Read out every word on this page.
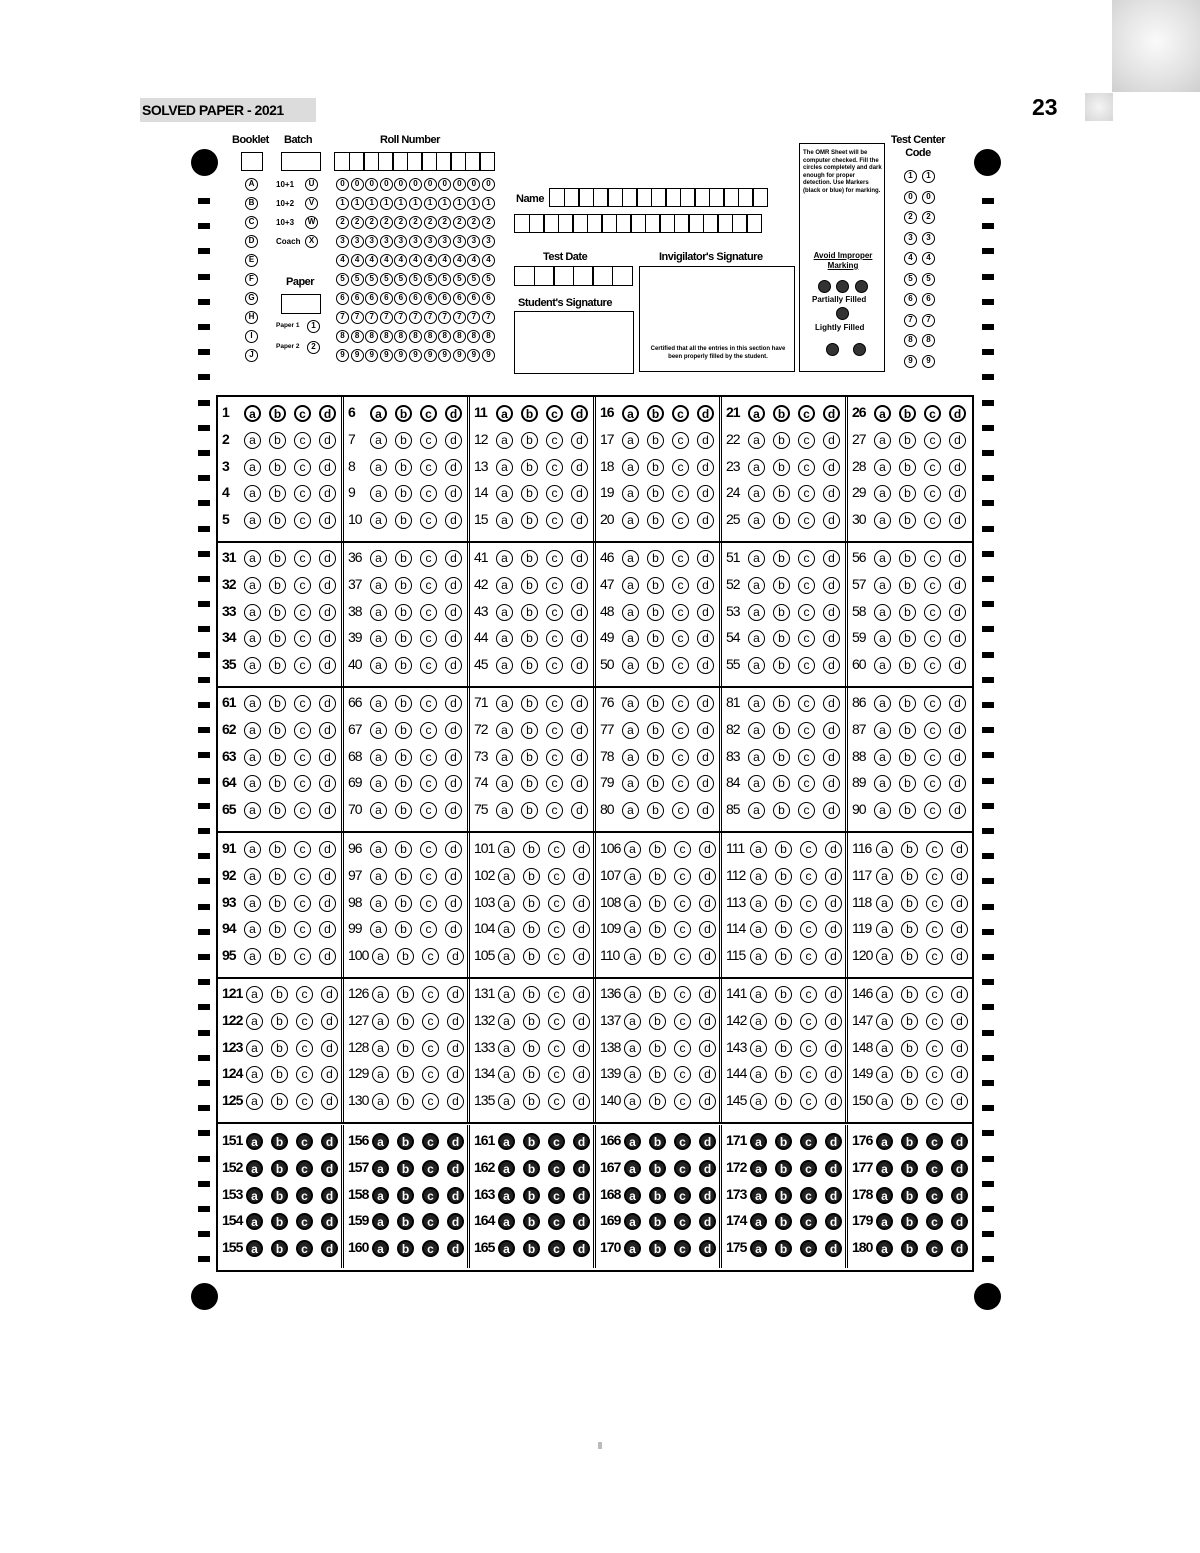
SOLVED PAPER - 2021	23
Booklet
A
B
C
D
E
F
G
H
I
J
Batch
10+1	U
10+2	V
10+3	W
Coach	X
Paper
Paper 1	1
Paper 2	2
Roll Number
0	0	0	0	0	0	0	0	0	0	0
1	1	1	1	1	1	1	1	1	1	1
2	2	2	2	2	2	2	2	2	2	2
3	3	3	3	3	3	3	3	3	3	3
4	4	4	4	4	4	4	4	4	4	4
5	5	5	5	5	5	5	5	5	5	5
6	6	6	6	6	6	6	6	6	6	6
7	7	7	7	7	7	7	7	7	7	7
8	8	8	8	8	8	8	8	8	8	8
9	9	9	9	9	9	9	9	9	9	9
Name
Test Date
Student's Signature
Invigilator's Signature
Certified that all the entries in this section have been properly filled by the student.
The OMR Sheet will be computer checked. Fill the circles completely and dark enough for proper detection. Use Markers (black or blue) for marking.
Avoid Improper Marking
Partially Filled
Lightly Filled
Test Center Code
1	1
0	0
2	2
3	3
4	4
5	5
6	6
7	7
8	8
9	9
1	a	b	c	d
2	a	b	c	d
3	a	b	c	d
4	a	b	c	d
5	a	b	c	d
6	a	b	c	d
7	a	b	c	d
8	a	b	c	d
9	a	b	c	d
10	a	b	c	d
11	a	b	c	d
12	a	b	c	d
13	a	b	c	d
14	a	b	c	d
15	a	b	c	d
16	a	b	c	d
17	a	b	c	d
18	a	b	c	d
19	a	b	c	d
20	a	b	c	d
21	a	b	c	d
22	a	b	c	d
23	a	b	c	d
24	a	b	c	d
25	a	b	c	d
26	a	b	c	d
27	a	b	c	d
28	a	b	c	d
29	a	b	c	d
30	a	b	c	d
31	a	b	c	d
32	a	b	c	d
33	a	b	c	d
34	a	b	c	d
35	a	b	c	d
36	a	b	c	d
37	a	b	c	d
38	a	b	c	d
39	a	b	c	d
40	a	b	c	d
41	a	b	c	d
42	a	b	c	d
43	a	b	c	d
44	a	b	c	d
45	a	b	c	d
46	a	b	c	d
47	a	b	c	d
48	a	b	c	d
49	a	b	c	d
50	a	b	c	d
51	a	b	c	d
52	a	b	c	d
53	a	b	c	d
54	a	b	c	d
55	a	b	c	d
56	a	b	c	d
57	a	b	c	d
58	a	b	c	d
59	a	b	c	d
60	a	b	c	d
61	a	b	c	d
62	a	b	c	d
63	a	b	c	d
64	a	b	c	d
65	a	b	c	d
66	a	b	c	d
67	a	b	c	d
68	a	b	c	d
69	a	b	c	d
70	a	b	c	d
71	a	b	c	d
72	a	b	c	d
73	a	b	c	d
74	a	b	c	d
75	a	b	c	d
76	a	b	c	d
77	a	b	c	d
78	a	b	c	d
79	a	b	c	d
80	a	b	c	d
81	a	b	c	d
82	a	b	c	d
83	a	b	c	d
84	a	b	c	d
85	a	b	c	d
86	a	b	c	d
87	a	b	c	d
88	a	b	c	d
89	a	b	c	d
90	a	b	c	d
91	a	b	c	d
92	a	b	c	d
93	a	b	c	d
94	a	b	c	d
95	a	b	c	d
96	a	b	c	d
97	a	b	c	d
98	a	b	c	d
99	a	b	c	d
100 a	b	c	d
101 a	b	c	d
102 a	b	c	d
103 a	b	c	d
104 a	b	c	d
105 a	b	c	d
106 a	b	c	d
107 a	b	c	d
108 a	b	c	d
109 a	b	c	d
110 a	b	c	d
111 a	b	c	d
112 a	b	c	d
113 a	b	c	d
114 a	b	c	d
115 a	b	c	d
116 a	b	c	d
117 a	b	c	d
118 a	b	c	d
119 a	b	c	d
120 a	b	c	d
121 a	b	c	d
122 a	b	c	d
123 a	b	c	d
124 a	b	c	d
125 a	b	c	d
126 a	b	c	d
127 a	b	c	d
128 a	b	c	d
129 a	b	c	d
130 a	b	c	d
131 a	b	c	d
132 a	b	c	d
133 a	b	c	d
134 a	b	c	d
135 a	b	c	d
136 a	b	c	d
137 a	b	c	d
138 a	b	c	d
139 a	b	c	d
140 a	b	c	d
141 a	b	c	d
142 a	b	c	d
143 a	b	c	d
144 a	b	c	d
145 a	b	c	d
146 a	b	c	d
147 a	b	c	d
148 a	b	c	d
149 a	b	c	d
150 a	b	c	d
151 a	b	c	d
152 a	b	c	d
153 a	b	c	d
154 a	b	c	d
155 a	b	c	d
156 a	b	c	d
157 a	b	c	d
158 a	b	c	d
159 a	b	c	d
160 a	b	c	d
161 a	b	c	d
162 a	b	c	d
163 a	b	c	d
164 a	b	c	d
165 a	b	c	d
166 a	b	c	d
167 a	b	c	d
168 a	b	c	d
169 a	b	c	d
170 a	b	c	d
171 a	b	c	d
172 a	b	c	d
173 a	b	c	d
174 a	b	c	d
175 a	b	c	d
176 a	b	c	d
177 a	b	c	d
178 a	b	c	d
179 a	b	c	d
180 a	b	c	d
